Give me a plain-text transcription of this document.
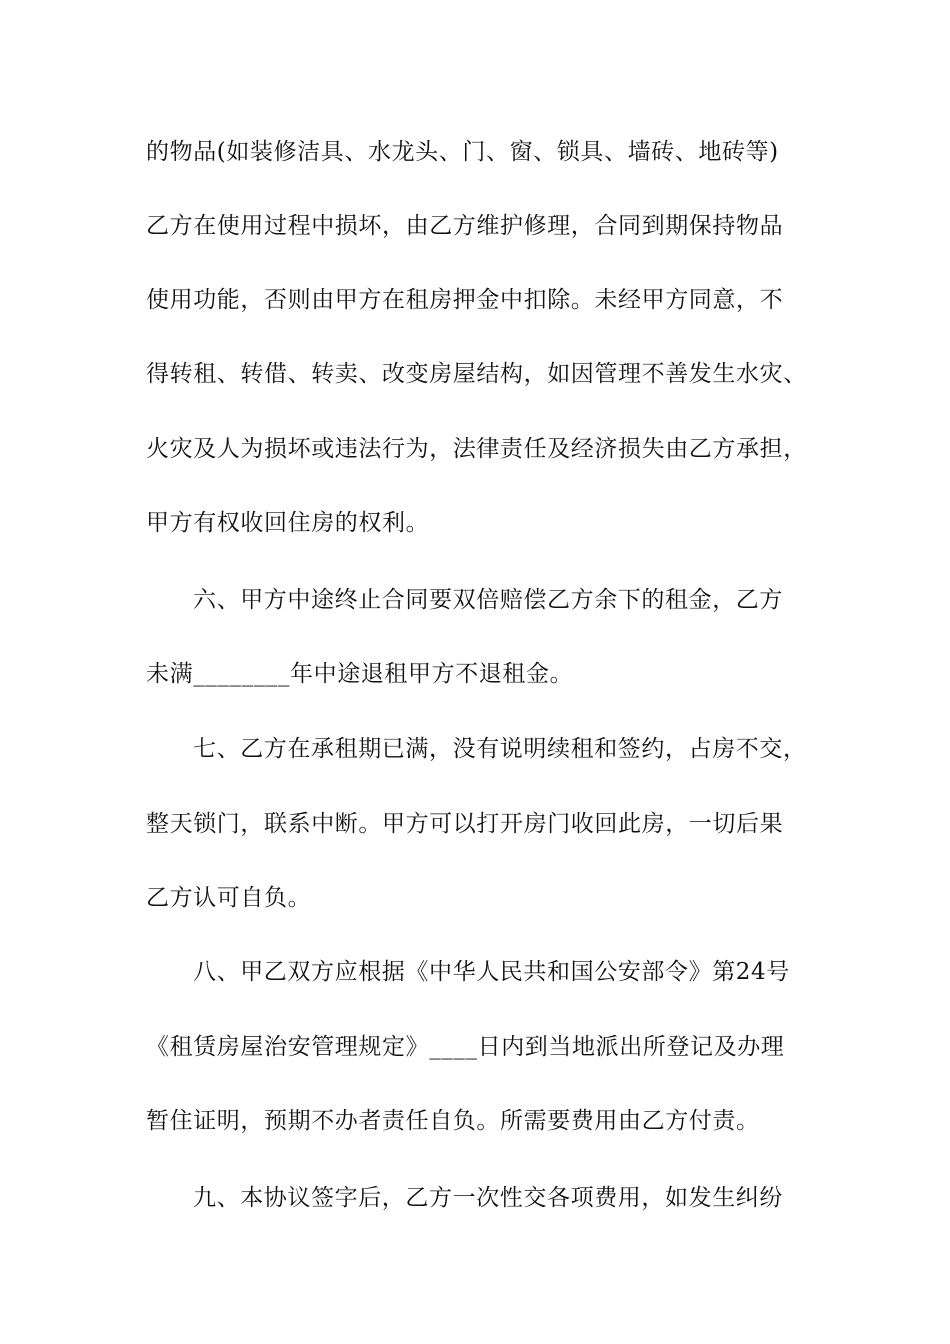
的物品(如装修洁具、水龙头、门、窗、锁具、墙砖、地砖等)
乙方在使用过程中损坏，由乙方维护修理，合同到期保持物品
使用功能，否则由甲方在租房押金中扣除。未经甲方同意，不
得转租、转借、转卖、改变房屋结构，如因管理不善发生水灾、
火灾及人为损坏或违法行为，法律责任及经济损失由乙方承担，
甲方有权收回住房的权利。
六、甲方中途终止合同要双倍赔偿乙方余下的租金，乙方
未满________年中途退租甲方不退租金。
七、乙方在承租期已满，没有说明续租和签约，占房不交，
整天锁门，联系中断。甲方可以打开房门收回此房，一切后果
乙方认可自负。
八、甲乙双方应根据《中华人民共和国公安部令》第24号
《租赁房屋治安管理规定》____日内到当地派出所登记及办理
暂住证明，预期不办者责任自负。所需要费用由乙方付责。
九、本协议签字后，乙方一次性交各项费用，如发生纠纷
